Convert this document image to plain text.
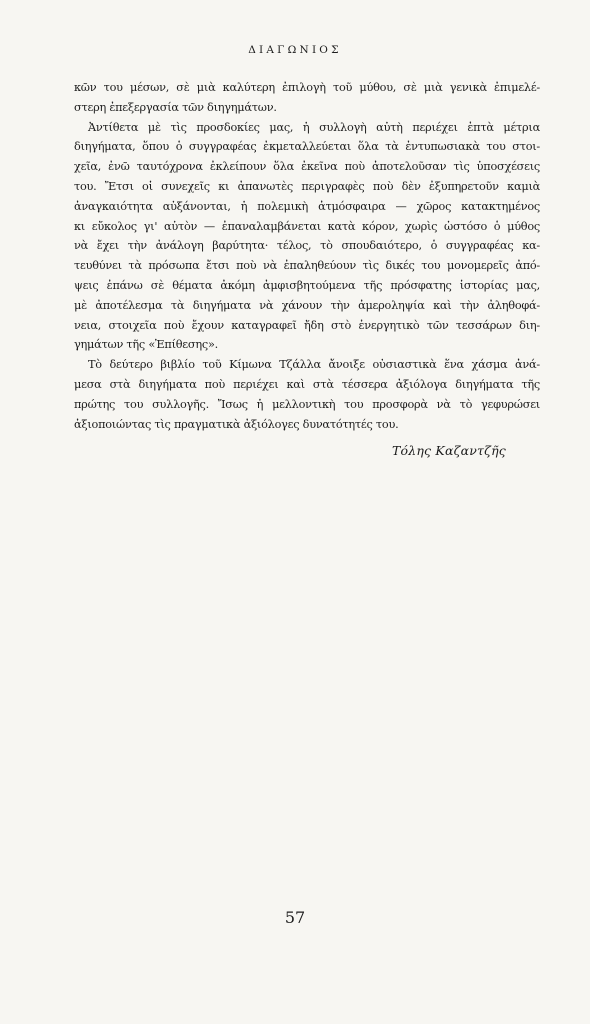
ΔΙΑΓΩΝΙΟΣ
κῶν του μέσων, σὲ μιὰ καλύτερη ἐπιλογὴ τοῦ μύθου, σὲ μιὰ γενικὰ ἐπιμελέ-
στερη ἐπεξεργασία τῶν διηγημάτων.
Ἀντίθετα μὲ τὶς προσδοκίες μας, ἡ συλλογὴ αὐτὴ περιέχει ἑπτὰ μέτρια
διηγήματα, ὅπου ὁ συγγραφέας ἐκμεταλλεύεται ὅλα τὰ ἐντυπωσιακὰ του στοι-
χεῖα, ἐνῶ ταυτόχρονα ἐκλείπουν ὅλα ἐκεῖνα ποὺ ἀποτελοῦσαν τὶς ὑποσχέσεις
του. Ἔτσι οἱ συνεχεῖς κι ἀπανωτὲς περιγραφὲς ποὺ δὲν ἐξυπηρετοῦν καμιὰ
ἀναγκαιότητα αὐξάνονται, ἡ πολεμικὴ ἀτμόσφαιρα — χῶρος κατακτημένος
κι εὔκολος γι' αὐτὸν — ἐπαναλαμβάνεται κατὰ κόρον, χωρὶς ὡστόσο ὁ μύθος
νὰ ἔχει τὴν ἀνάλογη βαρύτητα· τέλος, τὸ σπουδαιότερο, ὁ συγγραφέας κα-
τευθύνει τὰ πρόσωπα ἔτσι ποὺ νὰ ἐπαληθεύουν τὶς δικές του μονομερεῖς ἀπό-
ψεις ἐπάνω σὲ θέματα ἀκόμη ἀμφισβητούμενα τῆς πρόσφατης ἱστορίας μας,
μὲ ἀποτέλεσμα τὰ διηγήματα νὰ χάνουν τὴν ἀμεροληψία καὶ τὴν ἀληθοφά-
νεια, στοιχεῖα ποὺ ἔχουν καταγραφεῖ ἤδη στὸ ἐνεργητικὸ τῶν τεσσάρων διη-
γημάτων τῆς «Ἐπίθεσης».
Τὸ δεύτερο βιβλίο τοῦ Κίμωνα Τζάλλα ἄνοιξε οὐσιαστικὰ ἕνα χάσμα ἀνά-
μεσα στὰ διηγήματα ποὺ περιέχει καὶ στὰ τέσσερα ἀξιόλογα διηγήματα τῆς
πρώτης του συλλογῆς. Ἴσως ἡ μελλοντικὴ του προσφορὰ νὰ τὸ γεφυρώσει
ἀξιοποιώντας τὶς πραγματικὰ ἀξιόλογες δυνατότητές του.
Τόλης Καζαντζῆς
57
